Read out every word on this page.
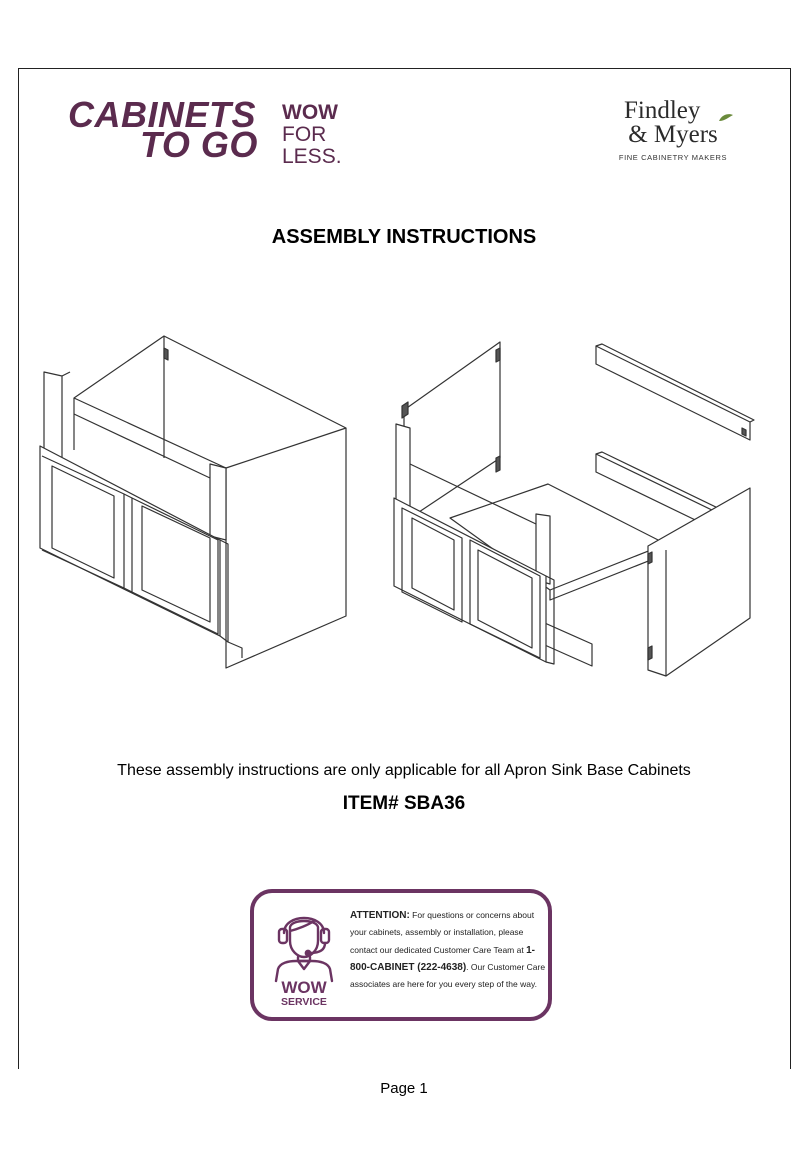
CABINETS
TO GO
WOW
FOR
LESS.
Findley
& Myers
FINE CABINETRY MAKERS
ASSEMBLY INSTRUCTIONS
These assembly instructions are only applicable for all Apron Sink Base Cabinets
ITEM# SBA36
WOW
SERVICE
ATTENTION: For questions or concerns about your cabinets, assembly or installation, please contact our dedicated Customer Care Team at 1-800-CABINET (222-4638). Our Customer Care associates are here for you every step of the way.
Page 1
